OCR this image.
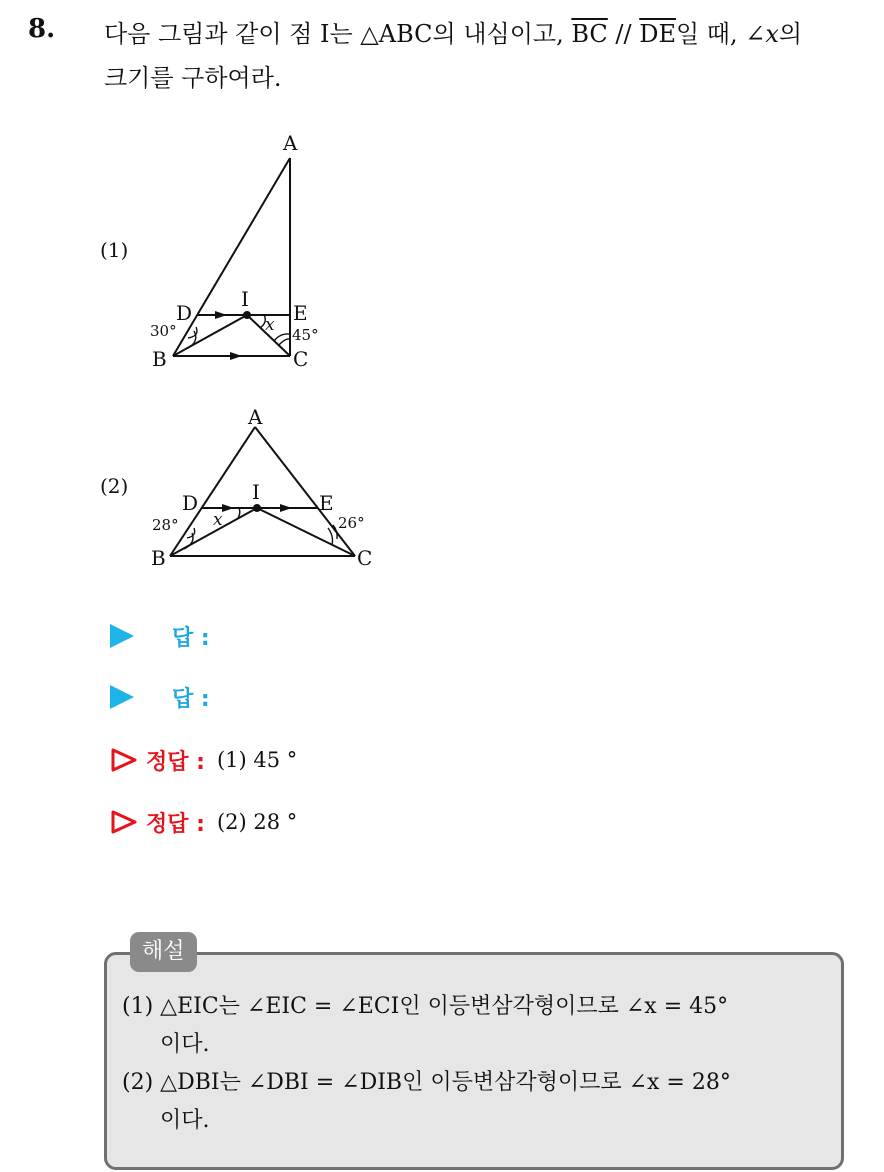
8. 다음 그림과 같이 점 I는 △ABC의 내심이고, $\overline{BC} // \overline{DE}$일 때, ∠x의
크기를 구하여라.
(1)
A
B	C
D	E
I
30°	45°
x
(2)
A
B	C
D	E
I
28°	26°
x
답 :
답 :
정답 : (1) 45 °
정답 : (2) 28 °
해설
(1) △EIC는 ∠EIC = ∠ECI인 이등변삼각형이므로 ∠x = 45°
이다.
(2) △DBI는 ∠DBI = ∠DIB인 이등변삼각형이므로 ∠x = 28°
이다.
